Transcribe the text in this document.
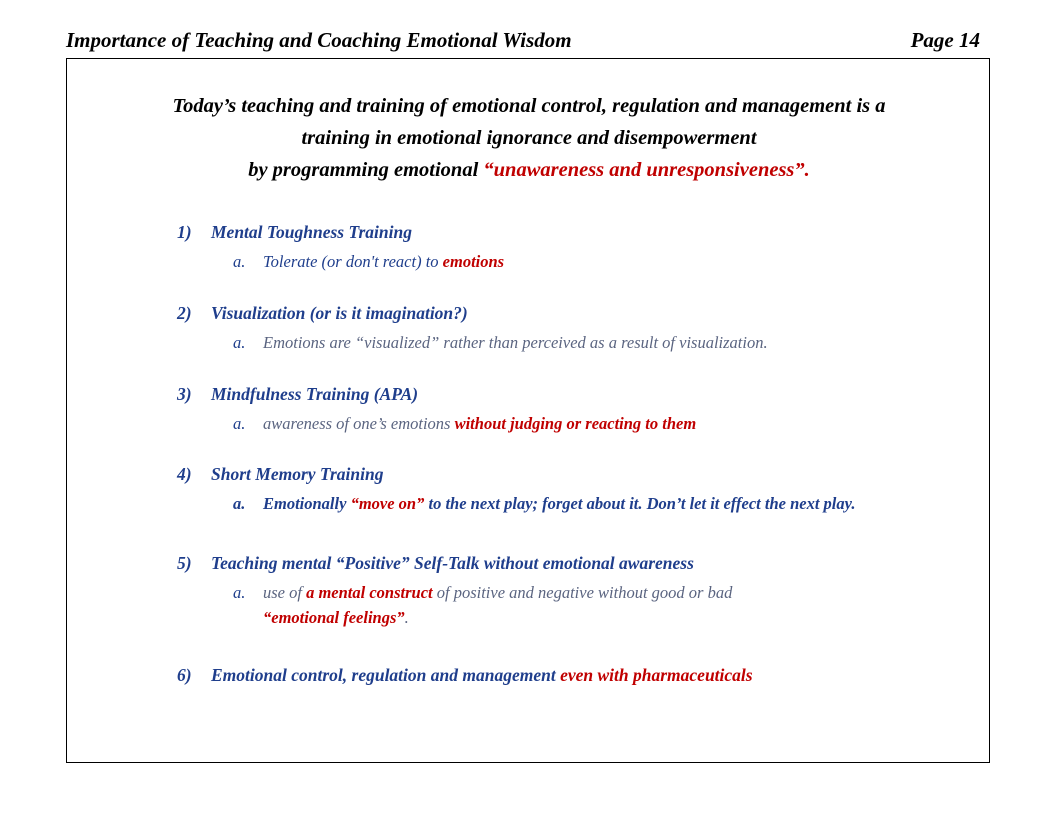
Importance of Teaching and Coaching Emotional Wisdom	Page 14
Today’s teaching and training of emotional control, regulation and management is a
training in emotional ignorance and disempowerment
by programming emotional “unawareness and unresponsiveness”.
1)	Mental Toughness Training
a.	Tolerate (or don't react) to emotions
2)	Visualization (or is it imagination?)
a.	Emotions are “visualized” rather than perceived as a result of visualization.
3)	Mindfulness Training (APA)
a.	awareness of one’s emotions without judging or reacting to them
4)	Short Memory Training
a.	Emotionally “move on” to the next play; forget about it. Don’t let it effect the next play.
5)	Teaching mental “Positive” Self-Talk without emotional awareness
a.	use of a mental construct of positive and negative without good or bad
“emotional feelings”.
6)	Emotional control, regulation and management even with pharmaceuticals
